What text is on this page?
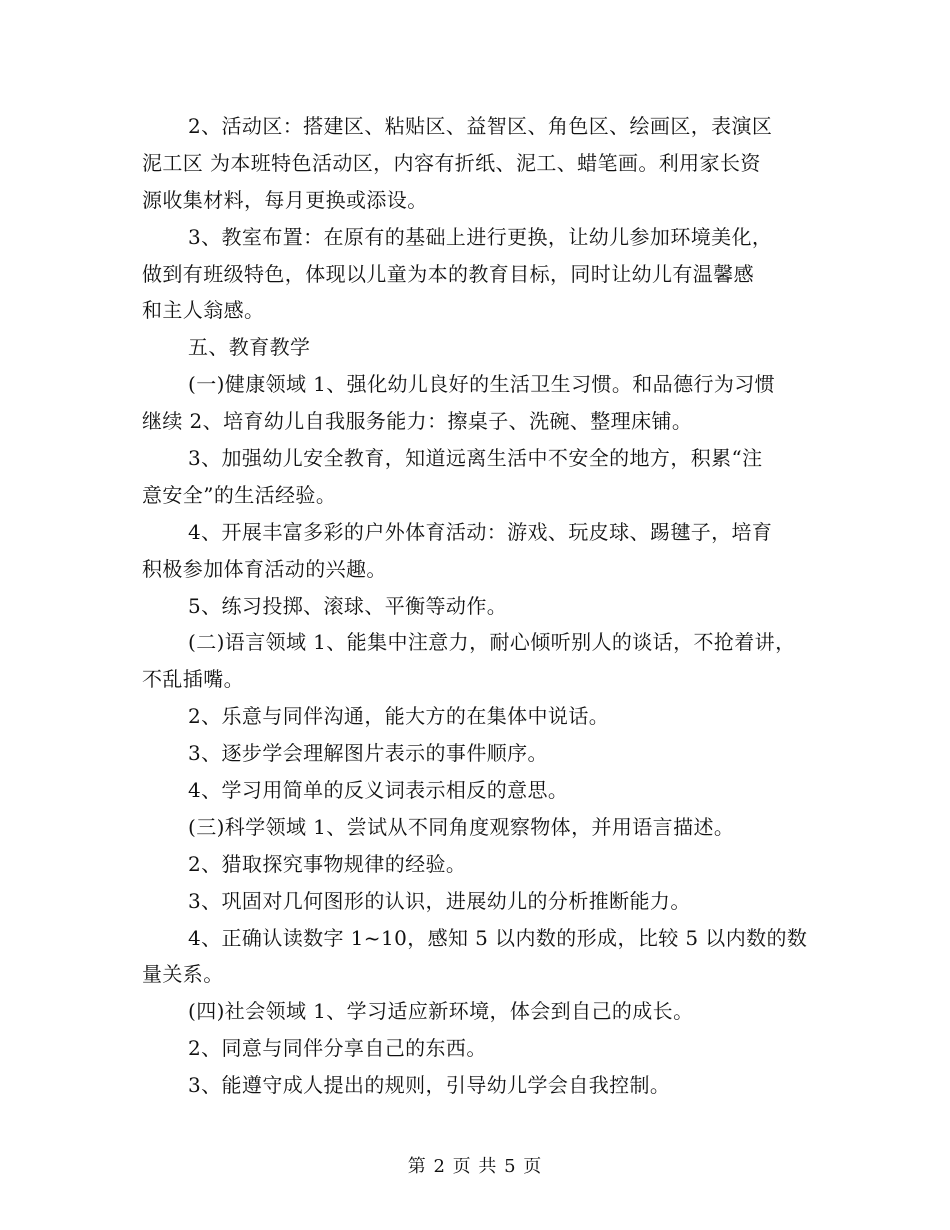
2、活动区：搭建区、粘贴区、益智区、角色区、绘画区，表演区
泥工区 为本班特色活动区，内容有折纸、泥工、蜡笔画。利用家长资
源收集材料，每月更换或添设。
3、教室布置：在原有的基础上进行更换，让幼儿参加环境美化，
做到有班级特色，体现以儿童为本的教育目标，同时让幼儿有温馨感
和主人翁感。
五、教育教学
(一)健康领域 1、强化幼儿良好的生活卫生习惯。和品德行为习惯
继续 2、培育幼儿自我服务能力：擦桌子、洗碗、整理床铺。
3、加强幼儿安全教育，知道远离生活中不安全的地方，积累“注
意安全”的生活经验。
4、开展丰富多彩的户外体育活动：游戏、玩皮球、踢毽子，培育
积极参加体育活动的兴趣。
5、练习投掷、滚球、平衡等动作。
(二)语言领域 1、能集中注意力，耐心倾听别人的谈话，不抢着讲，
不乱插嘴。
2、乐意与同伴沟通，能大方的在集体中说话。
3、逐步学会理解图片表示的事件顺序。
4、学习用简单的反义词表示相反的意思。
(三)科学领域 1、尝试从不同角度观察物体，并用语言描述。
2、猎取探究事物规律的经验。
3、巩固对几何图形的认识，进展幼儿的分析推断能力。
4、正确认读数字 1~10，感知 5 以内数的形成，比较 5 以内数的数
量关系。
(四)社会领域 1、学习适应新环境，体会到自己的成长。
2、同意与同伴分享自己的东西。
3、能遵守成人提出的规则，引导幼儿学会自我控制。
第 2 页 共 5 页
